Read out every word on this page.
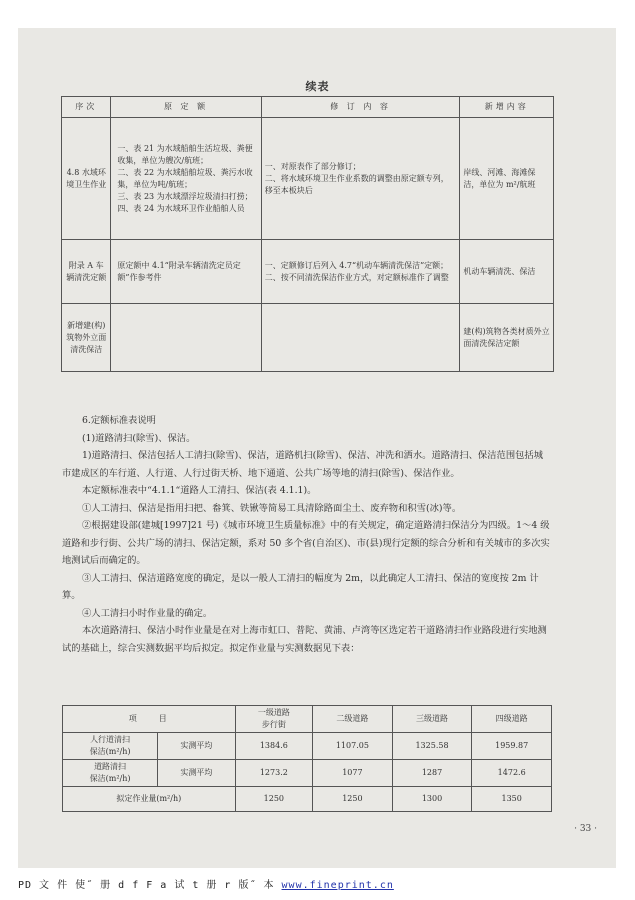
续表
序次	原 定 额	修 订 内 容	新增内容
4.8 水域环境卫生作业	一、表 21 为水域船舶生活垃圾、粪便收集，单位为艘次/航班；
二、表 22 为水域船舶垃圾、粪污水收集，单位为吨/航班；
三、表 23 为水域漂浮垃圾清扫打捞；
四、表 24 为水域环卫作业船舶人员	一、对原表作了部分修订；
二、将水域环境卫生作业系数的调整由原定额专列，移至本板块后	岸线、河滩、海滩保洁，单位为 m²/航班
附录 A 车辆清洗定额	原定额中 4.1“附录车辆清洗定员定额”作参考件	一、定额修订后列入 4.7“机动车辆清洗保洁”定额；
二、按不同清洗保洁作业方式，对定额标准作了调整	机动车辆清洗、保洁
新增建(构)筑物外立面清洗保洁			建(构)筑物各类材质外立面清洗保洁定额

6.定额标准表说明

(1)道路清扫(除雪)、保洁。

1)道路清扫、保洁包括人工清扫(除雪)、保洁，道路机扫(除雪)、保洁、冲洗和洒水。道路清扫、保洁范围包括城市建成区的车行道、人行道、人行过街天桥、地下通道、公共广场等地的清扫(除雪)、保洁作业。

本定额标准表中“4.1.1“道路人工清扫、保洁(表 4.1.1)。

①人工清扫、保洁是指用扫把、畚箕、铁锹等简易工具清除路面尘土、废弃物和积雪(冰)等。

②根据建设部(建城[1997]21 号)《城市环境卫生质量标准》中的有关规定，确定道路清扫保洁分为四级。1～4 级道路和步行街、公共广场的清扫、保洁定额，系对 50 多个省(自治区)、市(县)现行定额的综合分析和有关城市的多次实地测试后而确定的。

③人工清扫、保洁道路宽度的确定，是以一般人工清扫的幅度为 2m，以此确定人工清扫、保洁的宽度按 2m 计算。

④人工清扫小时作业量的确定。

本次道路清扫、保洁小时作业量是在对上海市虹口、普陀、黄浦、卢湾等区选定若干道路清扫作业路段进行实地测试的基础上，综合实测数据平均后拟定。拟定作业量与实测数据见下表：

项　　目		一级道路
步行街	二级道路	三级道路	四级道路
人行道清扫
保洁(m²/h)	实测平均	1384.6	1107.05	1325.58	1959.87
道路清扫
保洁(m²/h)	实测平均	1273.2	1077	1287	1472.6
拟定作业量(m²/h)		1250	1250	1300	1350
· 33 ·
PD 文 件 使˝ 册 d f F a 试 t 册 r 版˝ 本 www.fineprint.cn
